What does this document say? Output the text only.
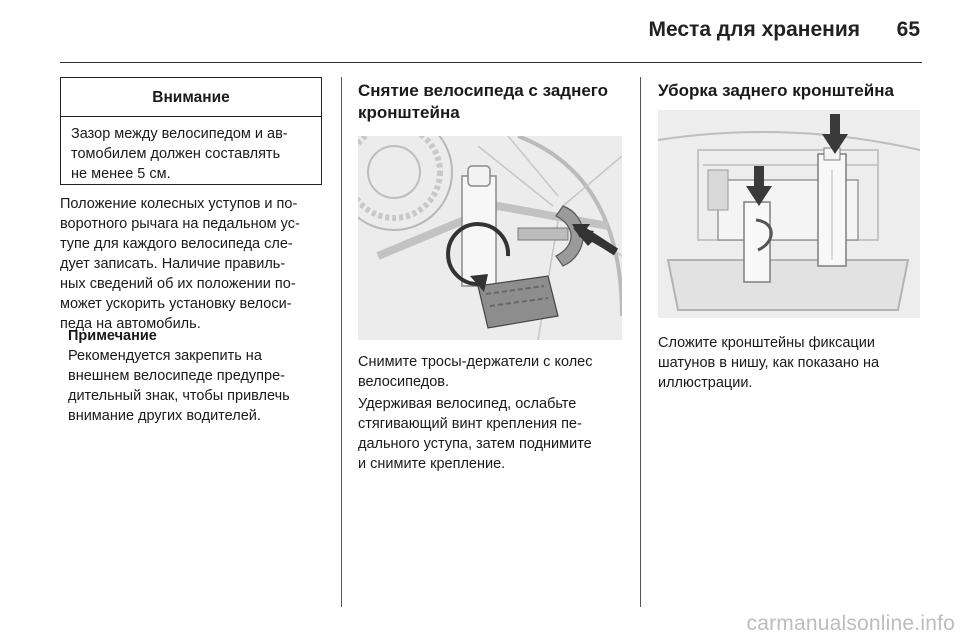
Места для хранения	65
Внимание
Зазор между велосипедом и ав-
томобилем должен составлять
не менее 5 см.
Положение колесных уступов и по-
воротного рычага на педальном ус-
тупе для каждого велосипеда сле-
дует записать. Наличие правиль-
ных сведений об их положении по-
может ускорить установку велоси-
педа на автомобиль.
Примечание
Рекомендуется закрепить на
внешнем велосипеде предупре-
дительный знак, чтобы привлечь
внимание других водителей.
Снятие велосипеда с заднего
кронштейна
Снимите тросы-держатели с колес
велосипедов.
Удерживая велосипед, ослабьте
стягивающий винт крепления пе-
дального уступа, затем поднимите
и снимите крепление.
Уборка заднего кронштейна
Сложите кронштейны фиксации
шатунов в нишу, как показано на
иллюстрации.
carmanualsonline.info
